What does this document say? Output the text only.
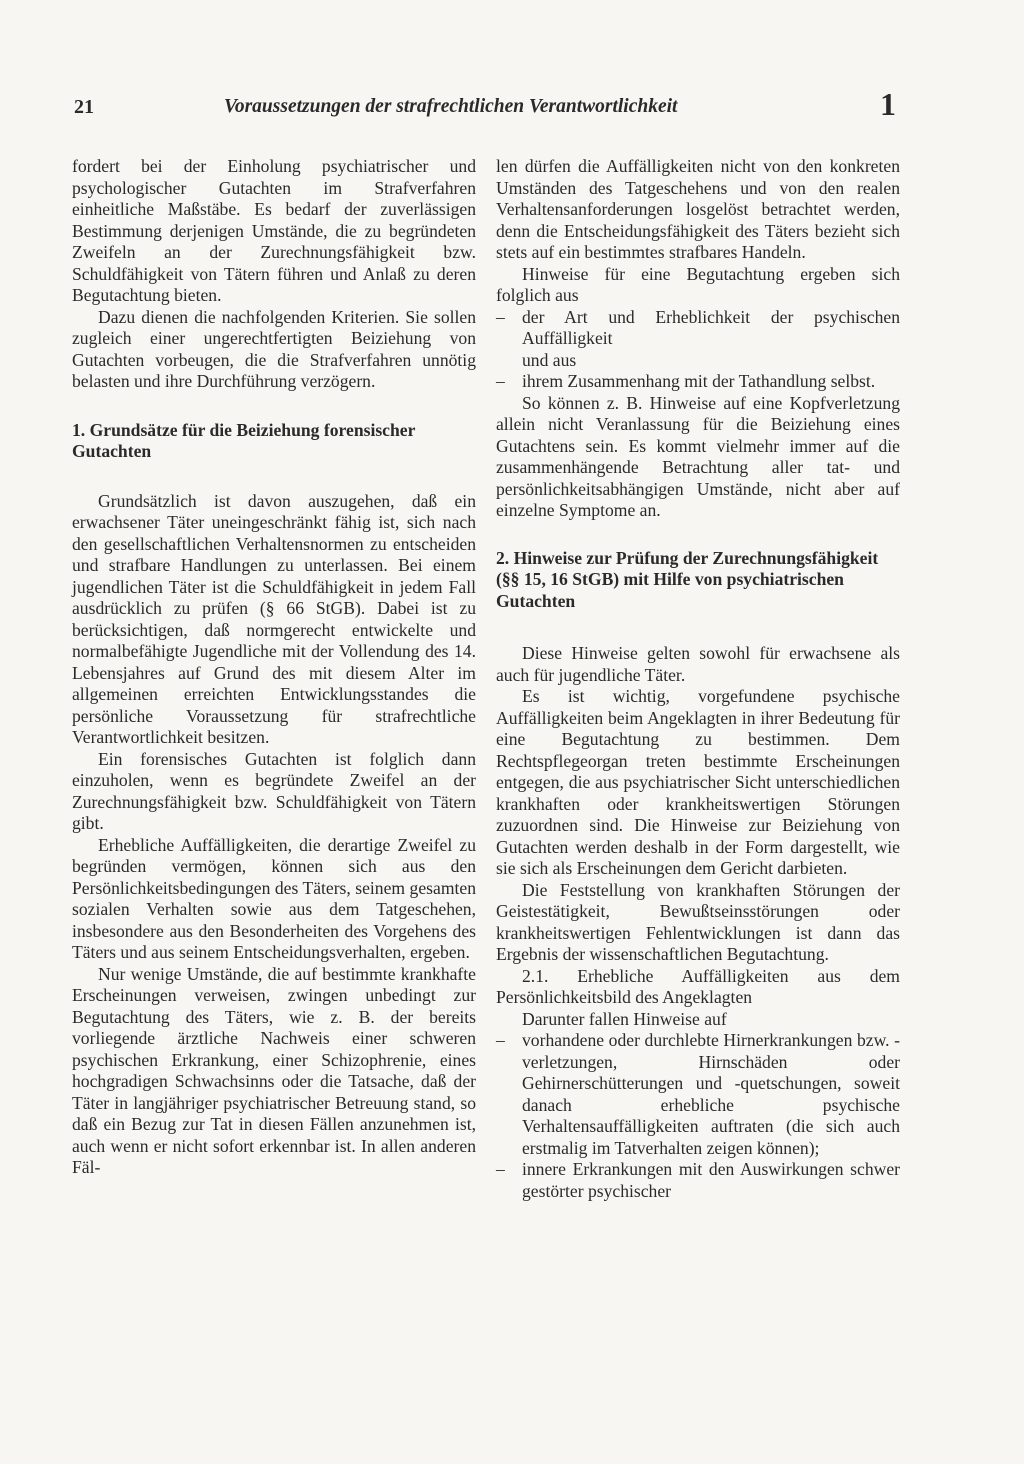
21	Voraussetzungen der strafrechtlichen Verantwortlichkeit	1

fordert bei der Einholung psychiatrischer und psychologischer Gutachten im Strafverfahren einheitliche Maßstäbe. Es bedarf der zuverlässigen Bestimmung derjenigen Umstände, die zu begründeten Zweifeln an der Zurechnungsfähigkeit bzw. Schuldfähigkeit von Tätern führen und Anlaß zu deren Begutachtung bieten.

Dazu dienen die nachfolgenden Kriterien. Sie sollen zugleich einer ungerechtfertigten Beiziehung von Gutachten vorbeugen, die die Strafverfahren unnötig belasten und ihre Durchführung verzögern.

1. Grundsätze für die Beiziehung forensischer Gutachten

Grundsätzlich ist davon auszugehen, daß ein erwachsener Täter uneingeschränkt fähig ist, sich nach den gesellschaftlichen Verhaltensnormen zu entscheiden und strafbare Handlungen zu unterlassen. Bei einem jugendlichen Täter ist die Schuldfähigkeit in jedem Fall ausdrücklich zu prüfen (§ 66 StGB). Dabei ist zu berücksichtigen, daß normgerecht entwickelte und normalbefähigte Jugendliche mit der Vollendung des 14. Lebensjahres auf Grund des mit diesem Alter im allgemeinen erreichten Entwicklungsstandes die persönliche Voraussetzung für strafrechtliche Verantwortlichkeit besitzen.

Ein forensisches Gutachten ist folglich dann einzuholen, wenn es begründete Zweifel an der Zurechnungsfähigkeit bzw. Schuldfähigkeit von Tätern gibt.

Erhebliche Auffälligkeiten, die derartige Zweifel zu begründen vermögen, können sich aus den Persönlichkeitsbedingungen des Täters, seinem gesamten sozialen Verhalten sowie aus dem Tatgeschehen, insbesondere aus den Besonderheiten des Vorgehens des Täters und aus seinem Entscheidungsverhalten, ergeben.

Nur wenige Umstände, die auf bestimmte krankhafte Erscheinungen verweisen, zwingen unbedingt zur Begutachtung des Täters, wie z. B. der bereits vorliegende ärztliche Nachweis einer schweren psychischen Erkrankung, einer Schizophrenie, eines hochgradigen Schwachsinns oder die Tatsache, daß der Täter in langjähriger psychiatrischer Betreuung stand, so daß ein Bezug zur Tat in diesen Fällen anzunehmen ist, auch wenn er nicht sofort erkennbar ist. In allen anderen Fäl-

len dürfen die Auffälligkeiten nicht von den konkreten Umständen des Tatgeschehens und von den realen Verhaltensanforderungen losgelöst betrachtet werden, denn die Entscheidungsfähigkeit des Täters bezieht sich stets auf ein bestimmtes strafbares Handeln.

Hinweise für eine Begutachtung ergeben sich folglich aus

– der Art und Erheblichkeit der psychischen Auffälligkeit
und aus
– ihrem Zusammenhang mit der Tathandlung selbst.

So können z. B. Hinweise auf eine Kopfverletzung allein nicht Veranlassung für die Beiziehung eines Gutachtens sein. Es kommt vielmehr immer auf die zusammenhängende Betrachtung aller tat- und persönlichkeitsabhängigen Umstände, nicht aber auf einzelne Symptome an.

2. Hinweise zur Prüfung der Zurechnungsfähigkeit (§§ 15, 16 StGB) mit Hilfe von psychiatrischen Gutachten

Diese Hinweise gelten sowohl für erwachsene als auch für jugendliche Täter.

Es ist wichtig, vorgefundene psychische Auffälligkeiten beim Angeklagten in ihrer Bedeutung für eine Begutachtung zu bestimmen. Dem Rechtspflegeorgan treten bestimmte Erscheinungen entgegen, die aus psychiatrischer Sicht unterschiedlichen krankhaften oder krankheitswertigen Störungen zuzuordnen sind. Die Hinweise zur Beiziehung von Gutachten werden deshalb in der Form dargestellt, wie sie sich als Erscheinungen dem Gericht darbieten.

Die Feststellung von krankhaften Störungen der Geistestätigkeit, Bewußtseinsstörungen oder krankheitswertigen Fehlentwicklungen ist dann das Ergebnis der wissenschaftlichen Begutachtung.

2.1. Erhebliche Auffälligkeiten aus dem Persönlichkeitsbild des Angeklagten

Darunter fallen Hinweise auf

– vorhandene oder durchlebte Hirnerkrankungen bzw. -verletzungen, Hirnschäden oder Gehirnerschütterungen und -quetschungen, soweit danach erhebliche psychische Verhaltensauffälligkeiten auftraten (die sich auch erstmalig im Tatverhalten zeigen können);
– innere Erkrankungen mit den Auswirkungen schwer gestörter psychischer
